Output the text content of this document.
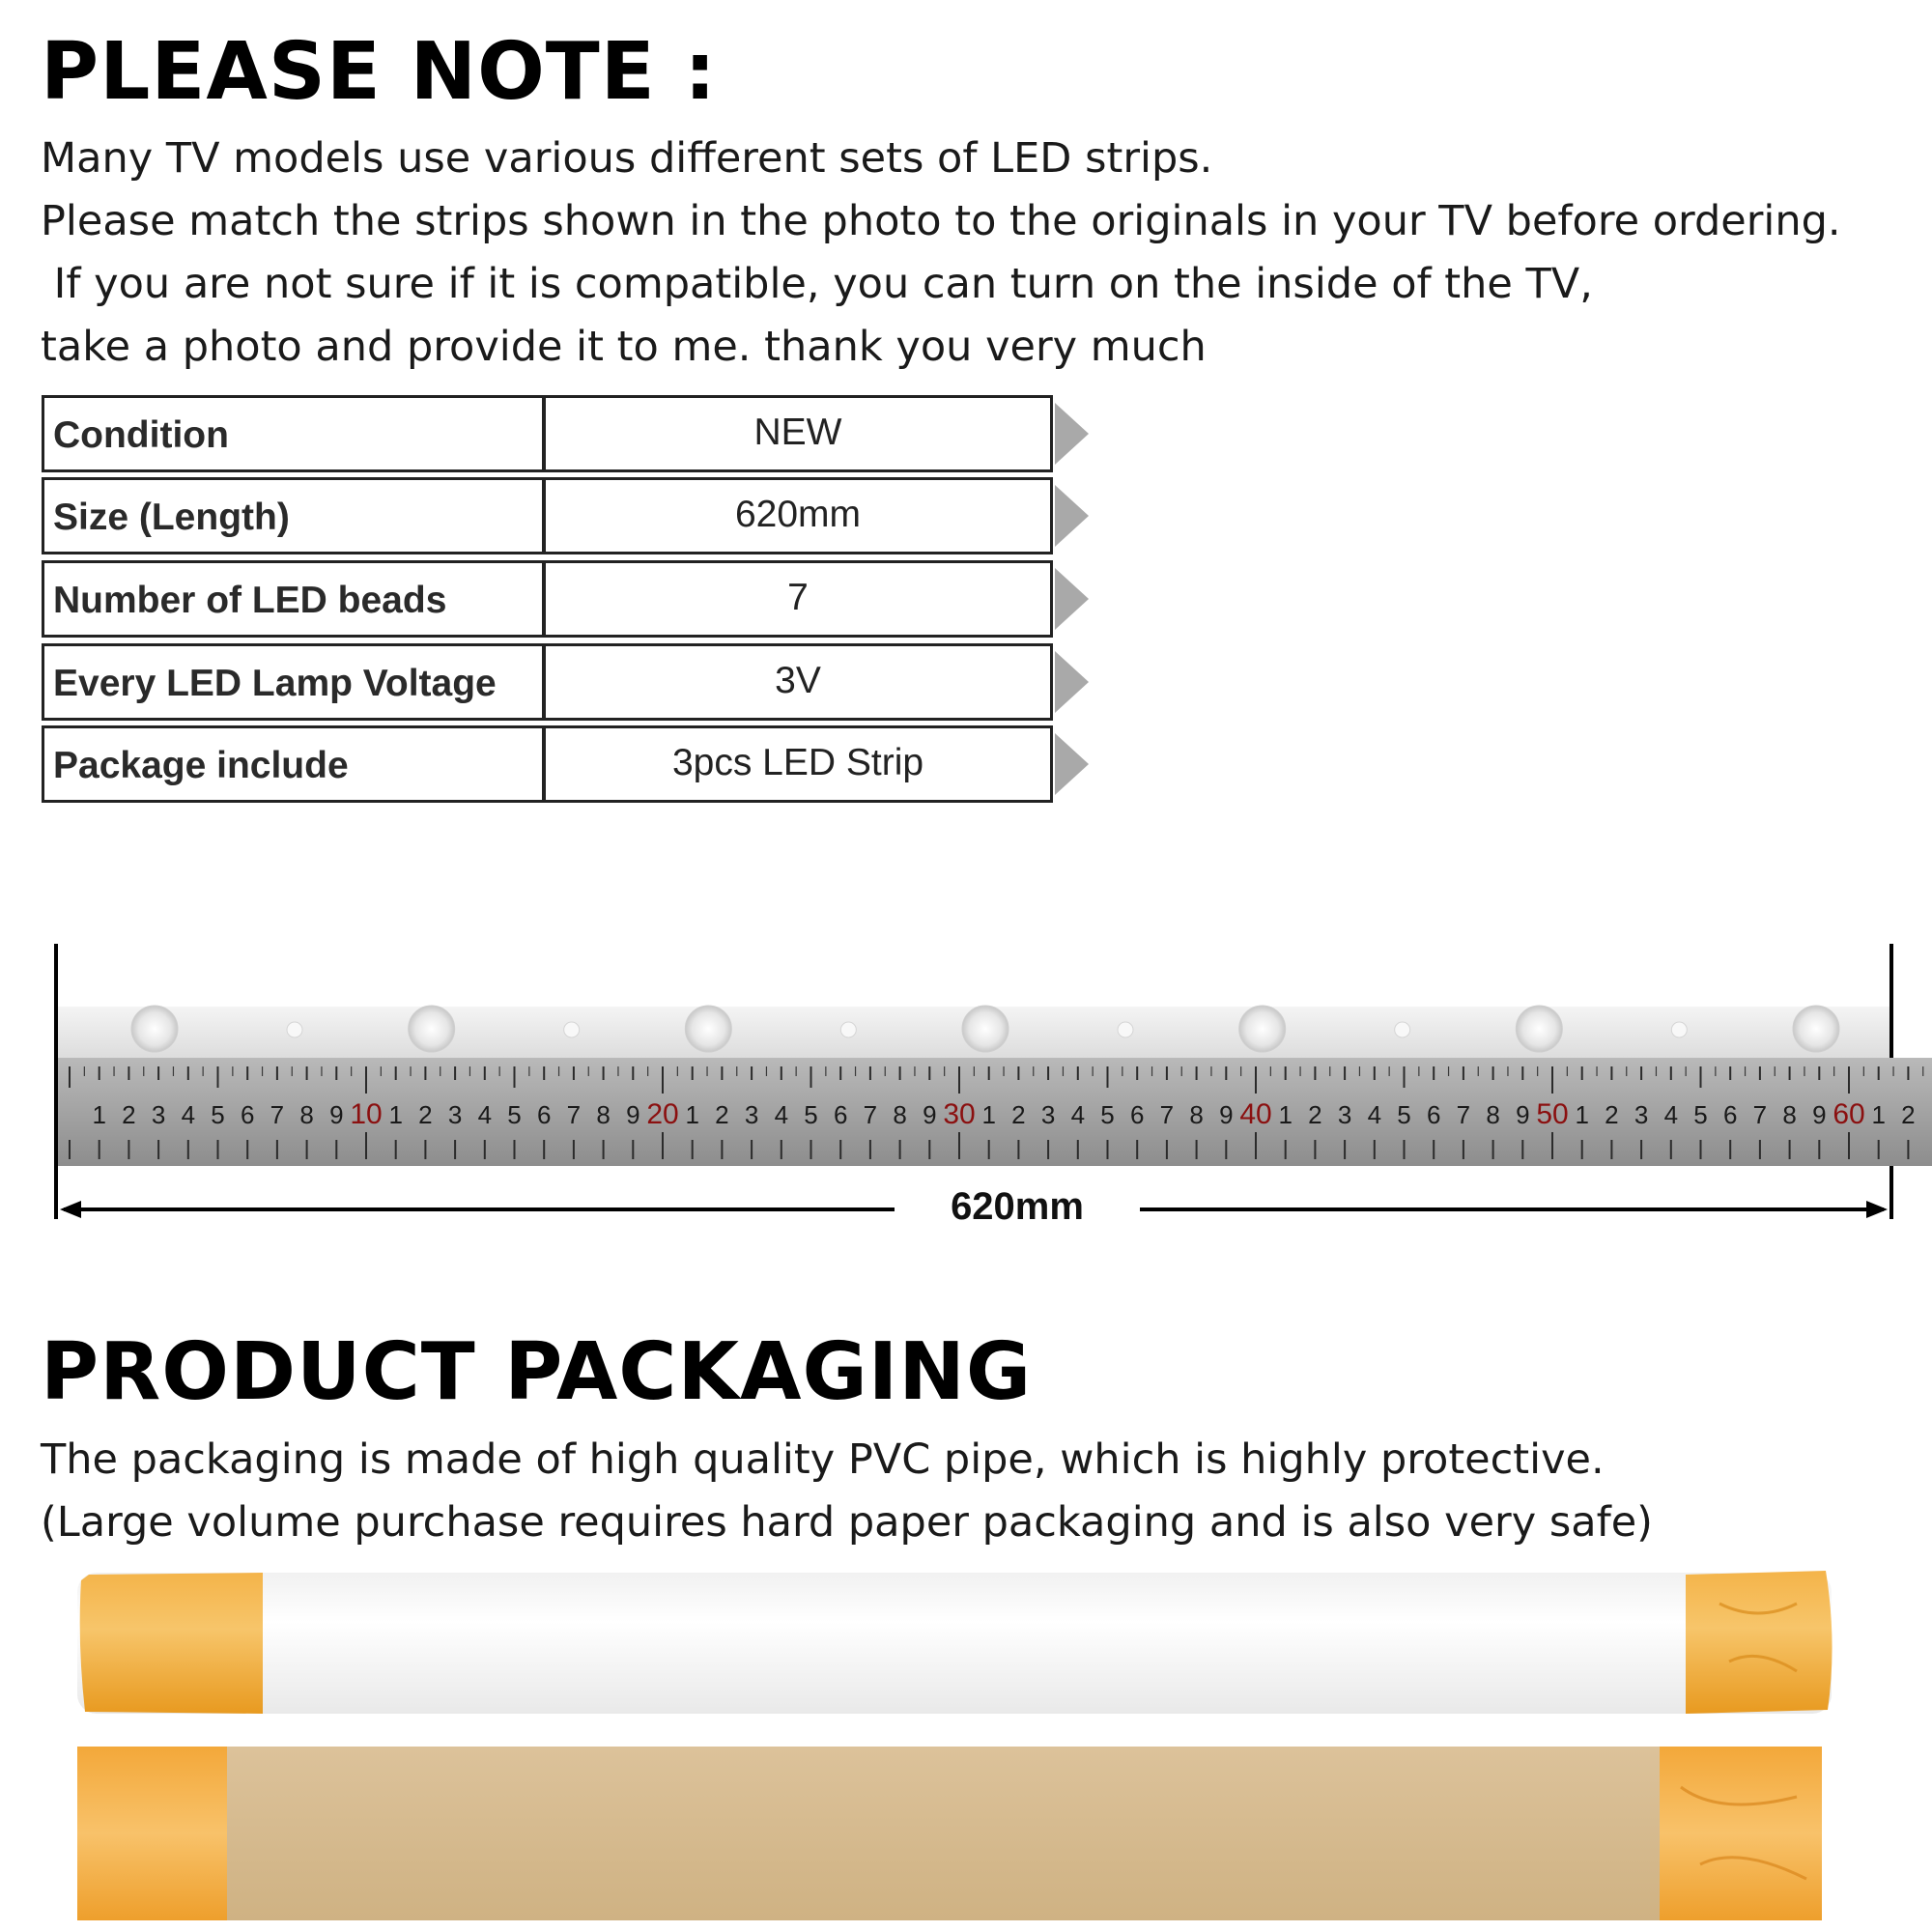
PLEASE NOTE :
Many TV models use various different sets of LED strips.
Please match the strips shown in the photo to the originals in your TV before ordering.
If you are not sure if it is compatible, you can turn on the inside of the TV,
take a photo and provide it to me. thank you very much
Condition	NEW
Size (Length)	620mm
Number of LED beads	7
Every LED Lamp Voltage	3V
Package include	3pcs LED Strip
1 2 3 4 5 6 7 8 9 10 1 2 3 4 5 6 7 8 9 20 1 2 3 4 5 6 7 8 9 30 1 2 3 4 5 6 7 8 9 40 1 2 3 4 5 6 7 8 9 50 1 2 3 4 5 6 7 8 9 60 1 2
620mm
PRODUCT PACKAGING
The packaging is made of high quality PVC pipe, which is highly protective.
(Large volume purchase requires hard paper packaging and is also very safe)
